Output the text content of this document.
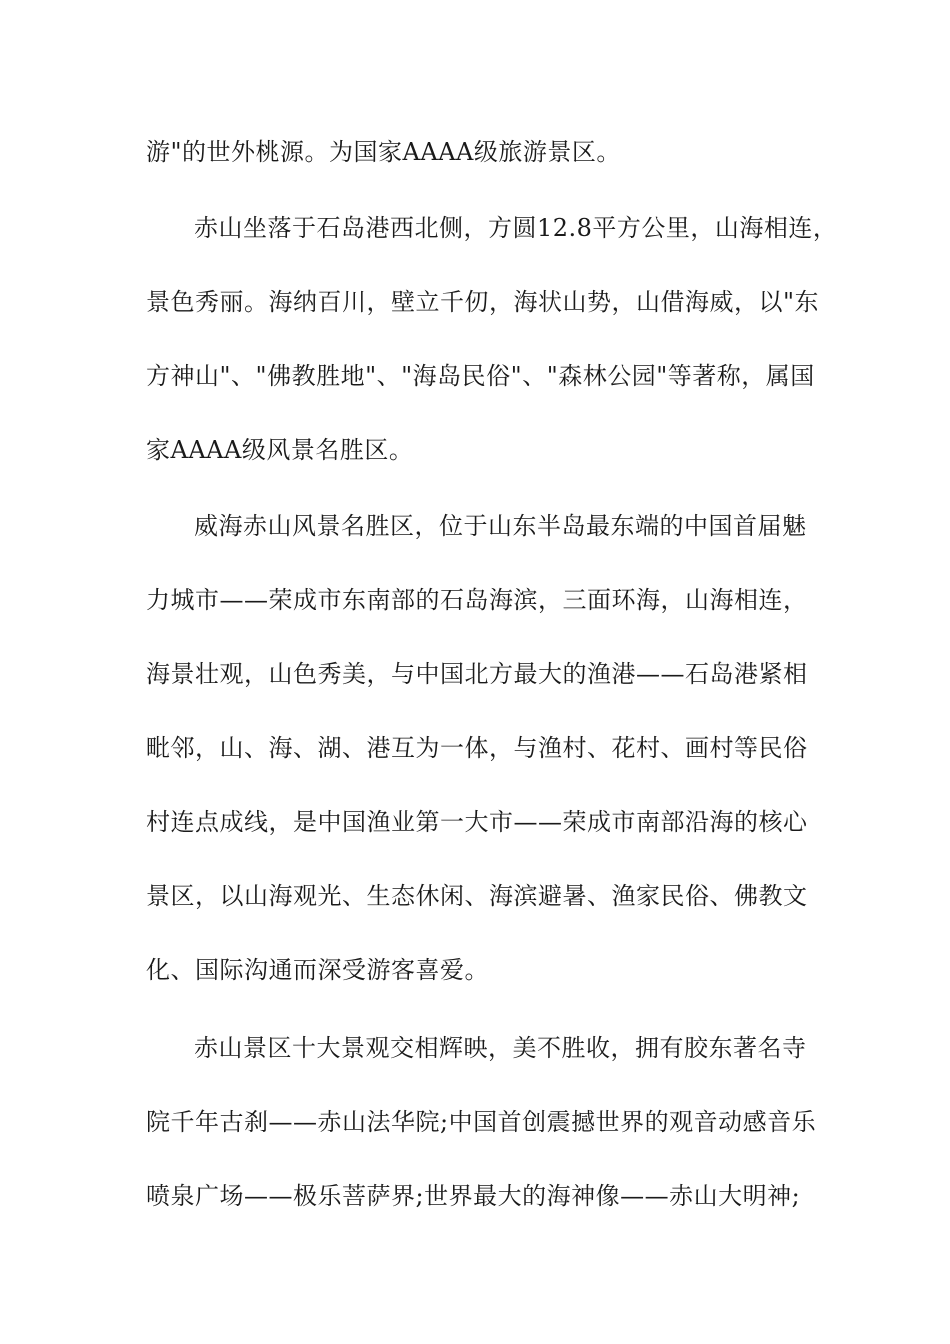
游"的世外桃源。为国家AAAA级旅游景区。
赤山坐落于石岛港西北侧，方圆12.8平方公里，山海相连，
景色秀丽。海纳百川，壁立千仞，海状山势，山借海威，以"东
方神山"、"佛教胜地"、"海岛民俗"、"森林公园"等著称，属国
家AAAA级风景名胜区。
威海赤山风景名胜区，位于山东半岛最东端的中国首届魅
力城市——荣成市东南部的石岛海滨，三面环海，山海相连，
海景壮观，山色秀美，与中国北方最大的渔港——石岛港紧相
毗邻，山、海、湖、港互为一体，与渔村、花村、画村等民俗
村连点成线，是中国渔业第一大市——荣成市南部沿海的核心
景区，以山海观光、生态休闲、海滨避暑、渔家民俗、佛教文
化、国际沟通而深受游客喜爱。
赤山景区十大景观交相辉映，美不胜收，拥有胶东著名寺
院千年古刹——赤山法华院;中国首创震撼世界的观音动感音乐
喷泉广场——极乐菩萨界;世界最大的海神像——赤山大明神;
